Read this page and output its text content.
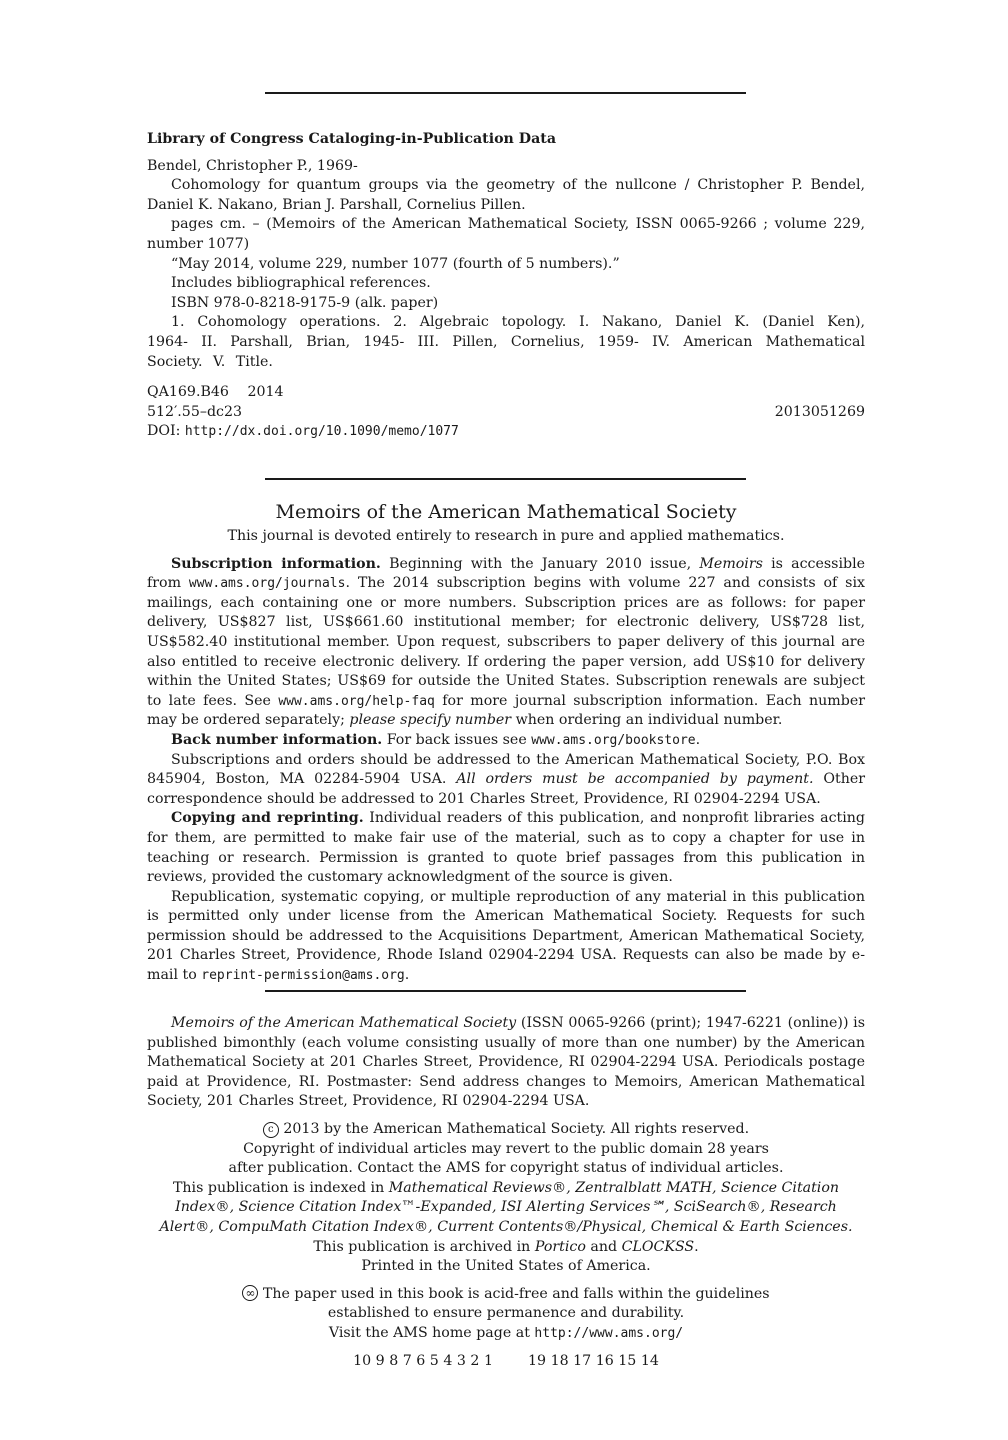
Library of Congress Cataloging-in-Publication Data

Bendel, Christopher P., 1969-

Cohomology for quantum groups via the geometry of the nullcone / Christopher P. Bendel, Daniel K. Nakano, Brian J. Parshall, Cornelius Pillen.

pages cm. – (Memoirs of the American Mathematical Society, ISSN 0065-9266 ; volume 229, number 1077)

“May 2014, volume 229, number 1077 (fourth of 5 numbers).”

Includes bibliographical references.

ISBN 978-0-8218-9175-9 (alk. paper)

1. Cohomology operations. 2. Algebraic topology. I. Nakano, Daniel K. (Daniel Ken), 1964- II. Parshall, Brian, 1945- III. Pillen, Cornelius, 1959- IV. American Mathematical Society. V. Title.

QA169.B46 2014

512′.55–dc23	2013051269

DOI: http://dx.doi.org/10.1090/memo/1077

Memoirs of the American Mathematical Society

This journal is devoted entirely to research in pure and applied mathematics.

Subscription information. Beginning with the January 2010 issue, Memoirs is accessible from www.ams.org/journals. The 2014 subscription begins with volume 227 and consists of six mailings, each containing one or more numbers. Subscription prices are as follows: for paper delivery, US$827 list, US$661.60 institutional member; for electronic delivery, US$728 list, US$582.40 institutional member. Upon request, subscribers to paper delivery of this journal are also entitled to receive electronic delivery. If ordering the paper version, add US$10 for delivery within the United States; US$69 for outside the United States. Subscription renewals are subject to late fees. See www.ams.org/help-faq for more journal subscription information. Each number may be ordered separately; please specify number when ordering an individual number.

Back number information. For back issues see www.ams.org/bookstore.

Subscriptions and orders should be addressed to the American Mathematical Society, P.O. Box 845904, Boston, MA 02284-5904 USA. All orders must be accompanied by payment. Other correspondence should be addressed to 201 Charles Street, Providence, RI 02904-2294 USA.

Copying and reprinting. Individual readers of this publication, and nonprofit libraries acting for them, are permitted to make fair use of the material, such as to copy a chapter for use in teaching or research. Permission is granted to quote brief passages from this publication in reviews, provided the customary acknowledgment of the source is given.

Republication, systematic copying, or multiple reproduction of any material in this publication is permitted only under license from the American Mathematical Society. Requests for such permission should be addressed to the Acquisitions Department, American Mathematical Society, 201 Charles Street, Providence, Rhode Island 02904-2294 USA. Requests can also be made by e-mail to reprint-permission@ams.org.

Memoirs of the American Mathematical Society (ISSN 0065-9266 (print); 1947-6221 (online)) is published bimonthly (each volume consisting usually of more than one number) by the American Mathematical Society at 201 Charles Street, Providence, RI 02904-2294 USA. Periodicals postage paid at Providence, RI. Postmaster: Send address changes to Memoirs, American Mathematical Society, 201 Charles Street, Providence, RI 02904-2294 USA.

c 2013 by the American Mathematical Society. All rights reserved.
Copyright of individual articles may revert to the public domain 28 years
after publication. Contact the AMS for copyright status of individual articles.
This publication is indexed in Mathematical Reviews®, Zentralblatt MATH, Science Citation Index®, Science Citation Index™-Expanded, ISI Alerting Services℠, SciSearch®, Research Alert®, CompuMath Citation Index®, Current Contents®/Physical, Chemical & Earth Sciences. This publication is archived in Portico and CLOCKSS.
Printed in the United States of America.
∞ The paper used in this book is acid-free and falls within the guidelines
established to ensure permanence and durability.
Visit the AMS home page at http://www.ams.org/
10 9 8 7 6 5 4 3 2 1 19 18 17 16 15 14
